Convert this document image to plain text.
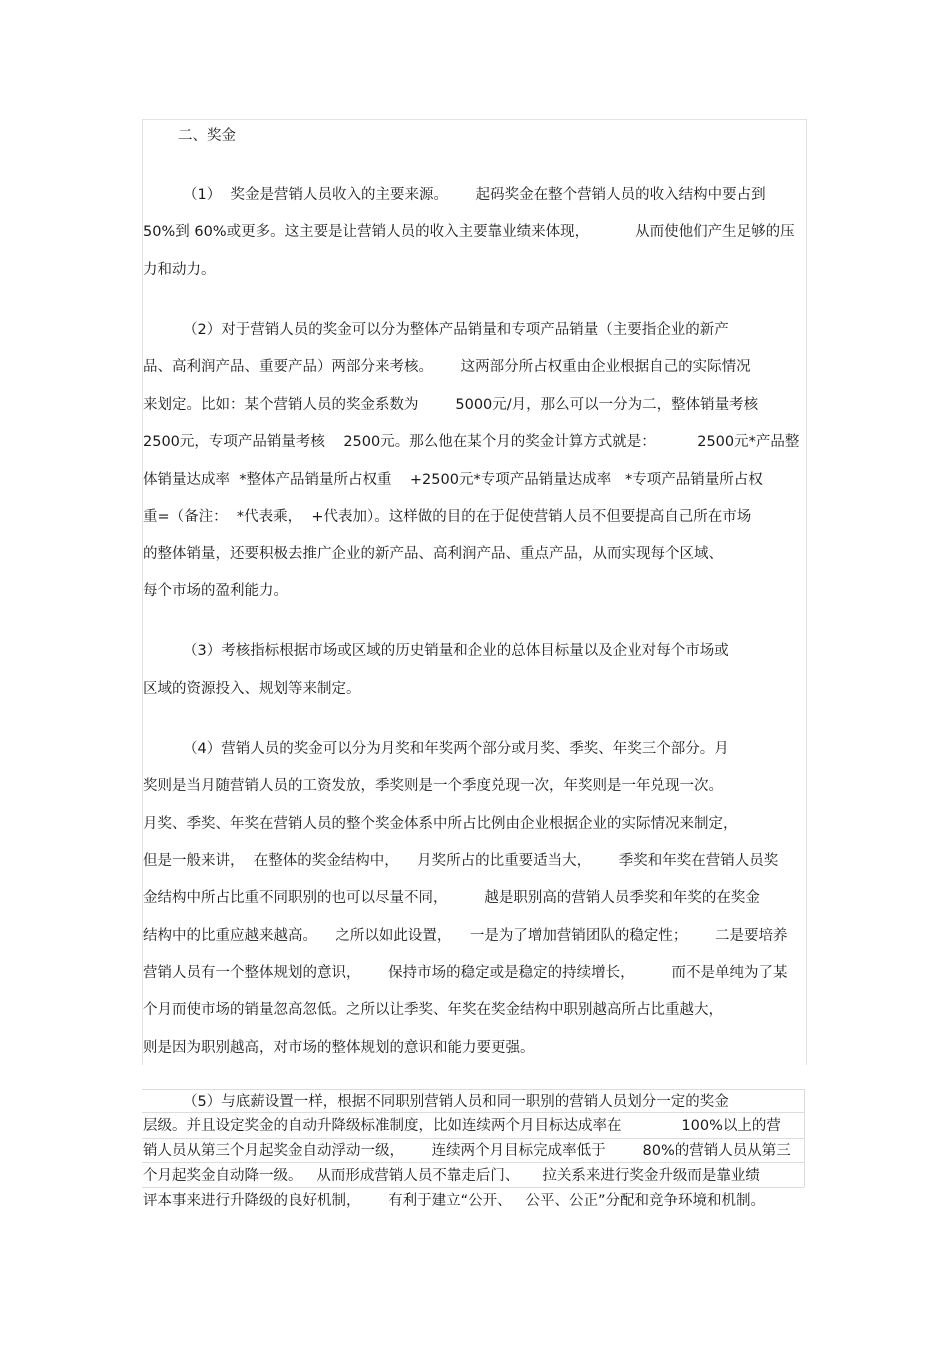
二、奖金
（1）  奖金是营销人员收入的主要来源。      起码奖金在整个营销人员的收入结构中要占到
50%到 60%或更多。这主要是让营销人员的收入主要靠业绩来体现，          从而使他们产生足够的压
力和动力。
（2）对于营销人员的奖金可以分为整体产品销量和专项产品销量（主要指企业的新产
品、高利润产品、重要产品）两部分来考核。      这两部分所占权重由企业根据自己的实际情况
来划定。比如：某个营销人员的奖金系数为        5000元/月，那么可以一分为二，整体销量考核
2500元，专项产品销量考核    2500元。那么他在某个月的奖金计算方式就是：         2500元*产品整
体销量达成率  *整体产品销量所占权重    +2500元*专项产品销量达成率   *专项产品销量所占权
重=（备注：  *代表乘，  +代表加）。这样做的目的在于促使营销人员不但要提高自己所在市场
的整体销量，还要积极去推广企业的新产品、高利润产品、重点产品，从而实现每个区域、
每个市场的盈利能力。
（3）考核指标根据市场或区域的历史销量和企业的总体目标量以及企业对每个市场或
区域的资源投入、规划等来制定。
（4）营销人员的奖金可以分为月奖和年奖两个部分或月奖、季奖、年奖三个部分。月
奖则是当月随营销人员的工资发放，季奖则是一个季度兑现一次，年奖则是一年兑现一次。
月奖、季奖、年奖在营销人员的整个奖金体系中所占比例由企业根据企业的实际情况来制定，
但是一般来讲，  在整体的奖金结构中，    月奖所占的比重要适当大，      季奖和年奖在营销人员奖
金结构中所占比重不同职别的也可以尽量不同，        越是职别高的营销人员季奖和年奖的在奖金
结构中的比重应越来越高。    之所以如此设置，    一是为了增加营销团队的稳定性；      二是要培养
营销人员有一个整体规划的意识，      保持市场的稳定或是稳定的持续增长，        而不是单纯为了某
个月而使市场的销量忽高忽低。之所以让季奖、年奖在奖金结构中职别越高所占比重越大，
则是因为职别越高，对市场的整体规划的意识和能力要更强。
（5）与底薪设置一样，根据不同职别营销人员和同一职别的营销人员划分一定的奖金
层级。并且设定奖金的自动升降级标准制度，比如连续两个月目标达成率在             100%以上的营
销人员从第三个月起奖金自动浮动一级，      连续两个月目标完成率低于        80%的营销人员从第三
个月起奖金自动降一级。   从而形成营销人员不靠走后门、     拉关系来进行奖金升级而是靠业绩
评本事来进行升降级的良好机制，      有利于建立“公开、   公平、公正”分配和竞争环境和机制。
